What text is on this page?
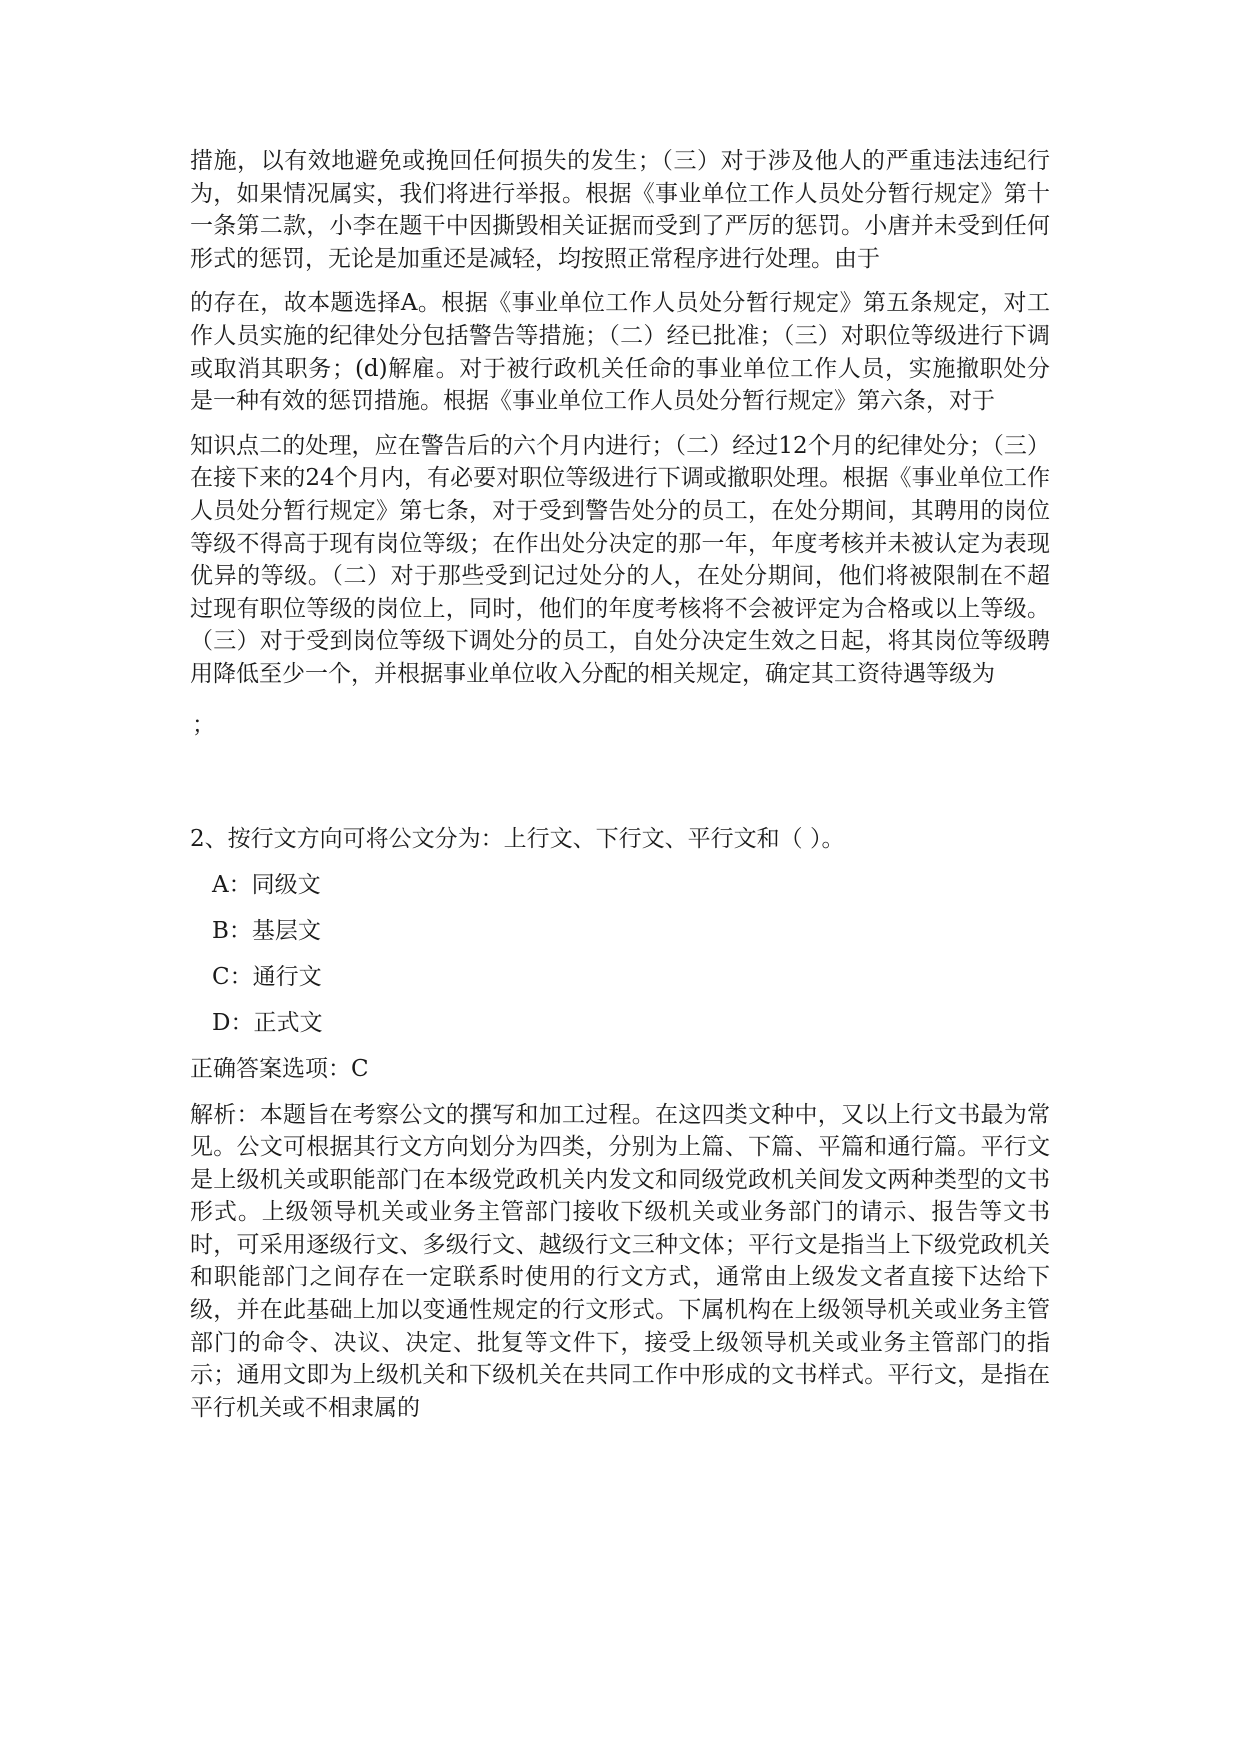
措施，以有效地避免或挽回任何损失的发生；（三）对于涉及他人的严重违法违纪行为，如果情况属实，我们将进行举报。根据《事业单位工作人员处分暂行规定》第十一条第二款，小李在题干中因撕毁相关证据而受到了严厉的惩罚。小唐并未受到任何形式的惩罚，无论是加重还是减轻，均按照正常程序进行处理。由于

的存在，故本题选择A。根据《事业单位工作人员处分暂行规定》第五条规定，对工作人员实施的纪律处分包括警告等措施；（二）经已批准；（三）对职位等级进行下调或取消其职务；(d)解雇。对于被行政机关任命的事业单位工作人员，实施撤职处分是一种有效的惩罚措施。根据《事业单位工作人员处分暂行规定》第六条，对于

知识点二的处理，应在警告后的六个月内进行；（二）经过12个月的纪律处分；（三）在接下来的24个月内，有必要对职位等级进行下调或撤职处理。根据《事业单位工作人员处分暂行规定》第七条，对于受到警告处分的员工，在处分期间，其聘用的岗位等级不得高于现有岗位等级；在作出处分决定的那一年，年度考核并未被认定为表现优异的等级。（二）对于那些受到记过处分的人，在处分期间，他们将被限制在不超过现有职位等级的岗位上，同时，他们的年度考核将不会被评定为合格或以上等级。（三）对于受到岗位等级下调处分的员工，自处分决定生效之日起，将其岗位等级聘用降低至少一个，并根据事业单位收入分配的相关规定，确定其工资待遇等级为

；

2、按行文方向可将公文分为：上行文、下行文、平行文和（ ）。

A：同级文

B：基层文

C：通行文

D：正式文

正确答案选项：C

解析：本题旨在考察公文的撰写和加工过程。在这四类文种中，又以上行文书最为常见。公文可根据其行文方向划分为四类，分别为上篇、下篇、平篇和通行篇。平行文是上级机关或职能部门在本级党政机关内发文和同级党政机关间发文两种类型的文书形式。上级领导机关或业务主管部门接收下级机关或业务部门的请示、报告等文书时，可采用逐级行文、多级行文、越级行文三种文体；平行文是指当上下级党政机关和职能部门之间存在一定联系时使用的行文方式，通常由上级发文者直接下达给下级，并在此基础上加以变通性规定的行文形式。下属机构在上级领导机关或业务主管部门的命令、决议、决定、批复等文件下，接受上级领导机关或业务主管部门的指示；通用文即为上级机关和下级机关在共同工作中形成的文书样式。平行文，是指在平行机关或不相隶属的
